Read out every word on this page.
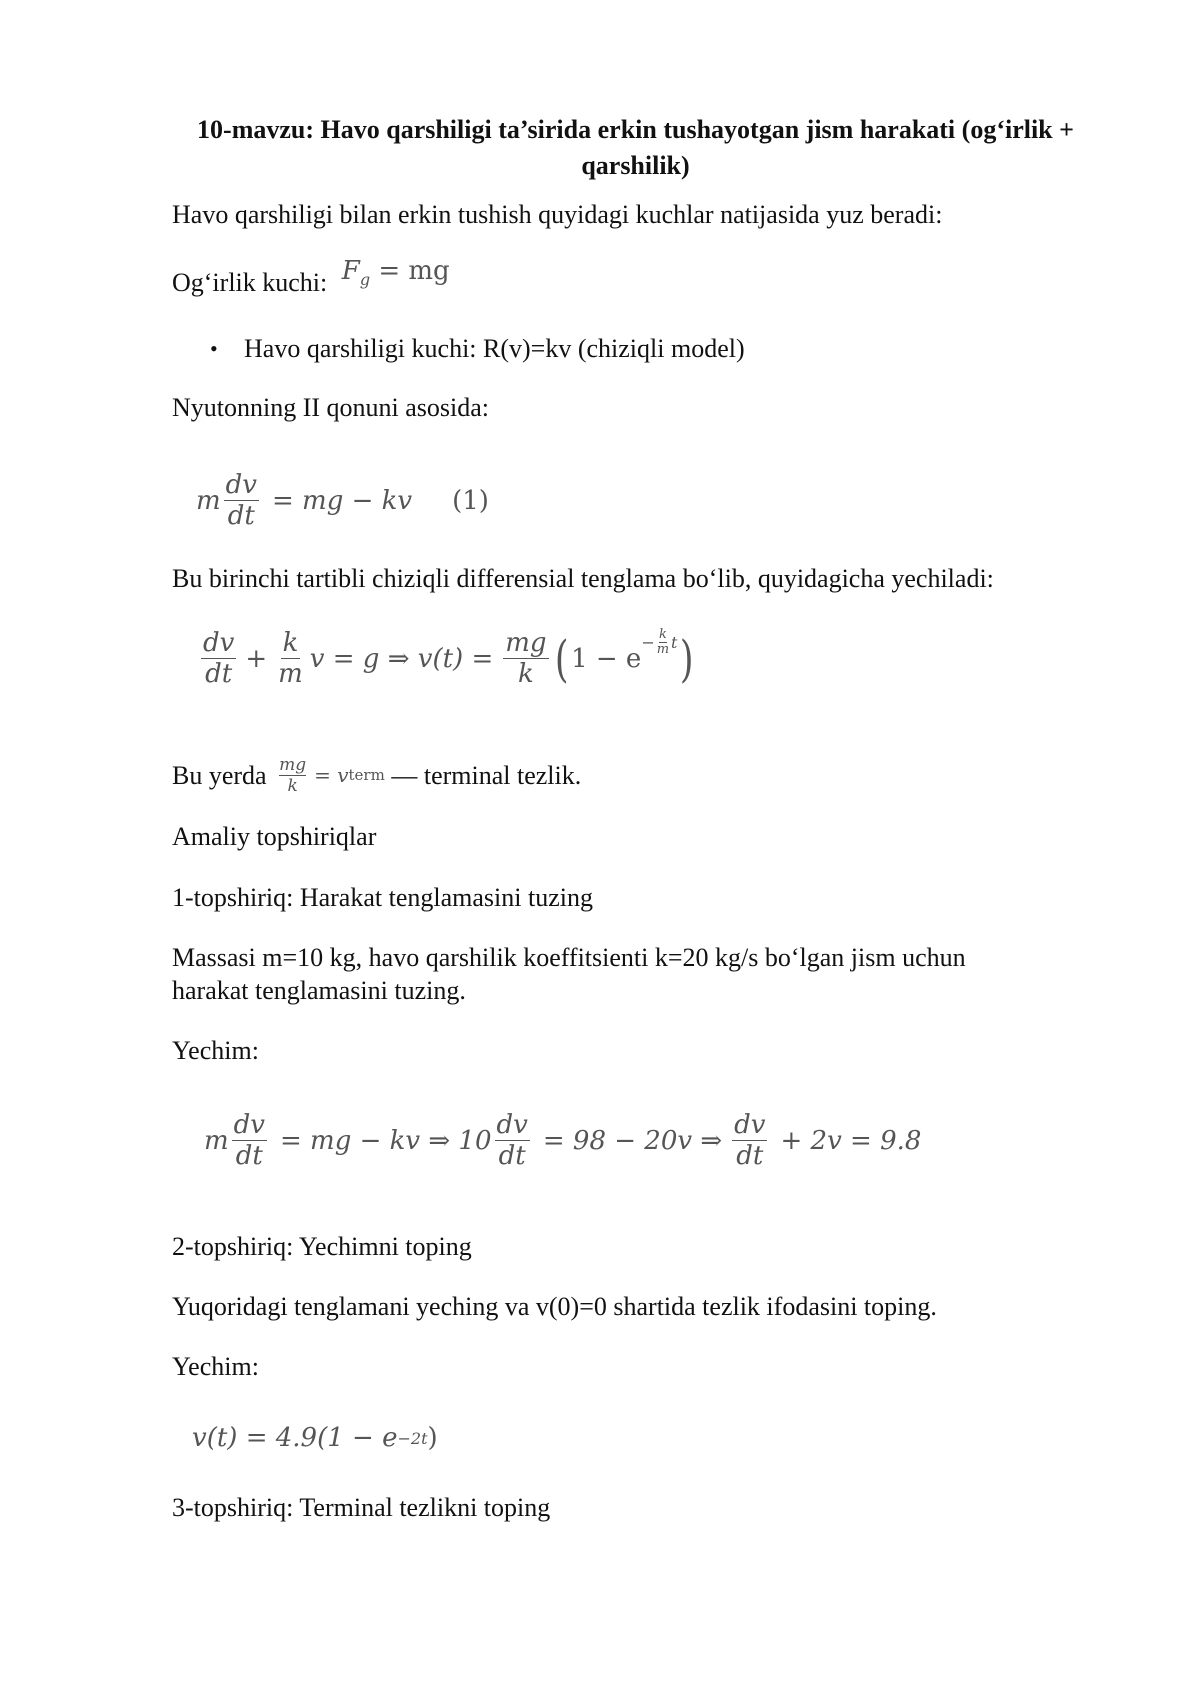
10-mavzu: Havo qarshiligi ta’sirida erkin tushayotgan jism harakati (og‘irlik + qarshilik)
Havo qarshiligi bilan erkin tushish quyidagi kuchlar natijasida yuz beradi:
Og‘irlik kuchi: $F_g$ = mg
• Havo qarshiligi kuchi: R(v)=kv (chiziqli model)
Nyutonning II qonuni asosida:
m $\frac{dv}{dt}$ = mg − kv (1)
Bu birinchi tartibli chiziqli differensial tenglama bo‘lib, quyidagicha yechiladi:
$\frac{dv}{dt} + \frac{k}{m}$ v = g ⇒ $v(t) = \frac{mg}{k}$ ( 1 − e
− $\frac{k}{m}$ t )
Bu yerda $\frac{mg}{k} = v$ term — terminal tezlik.
Amaliy topshiriqlar
1-topshiriq: Harakat tenglamasini tuzing
Massasi m=10 kg, havo qarshilik koeffitsienti k=20 kg/s bo‘lgan jism uchun
harakat tenglamasini tuzing.
Yechim:
m $\frac{dv}{dt}$ = mg − kv ⇒ $10 \frac{dv}{dt} = 98 - 20v$ ⇒ $\frac{dv}{dt} + 2v = 9.8$
2-topshiriq: Yechimni toping
Yuqoridagi tenglamani yeching va v(0)=0 shartida tezlik ifodasini toping.
Yechim:
v(t) = 4.9(1 − e −2t )
3-topshiriq: Terminal tezlikni toping
